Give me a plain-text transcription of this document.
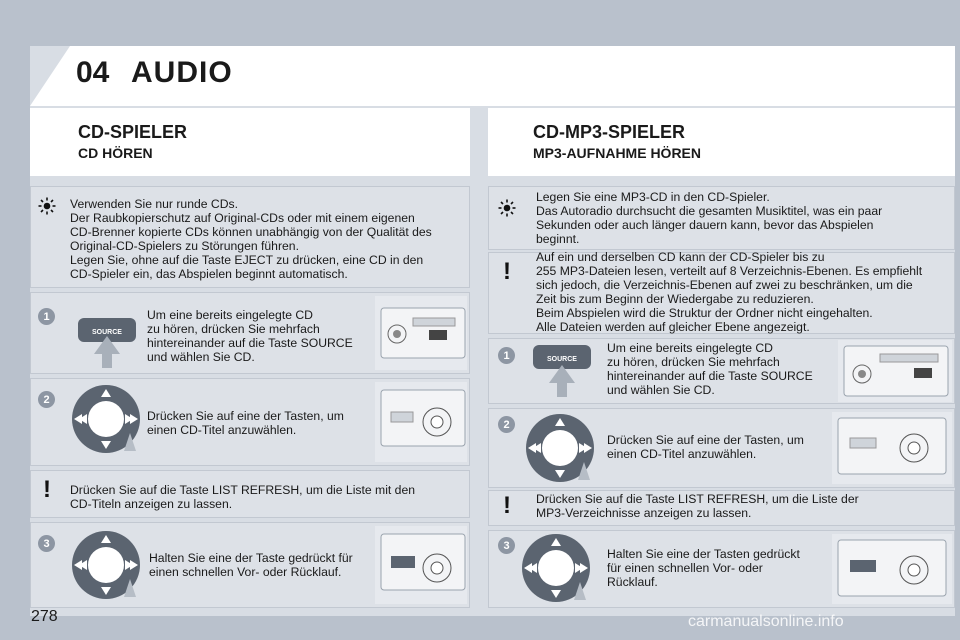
04 AUDIO
CD-SPIELER
CD HÖREN
Verwenden Sie nur runde CDs.
Der Raubkopierschutz auf Original-CDs oder mit einem eigenen
CD-Brenner kopierte CDs können unabhängig von der Qualität des
Original-CD-Spielers zu Störungen führen.
Legen Sie, ohne auf die Taste EJECT zu drücken, eine CD in den
CD-Spieler ein, das Abspielen beginnt automatisch.
1
SOURCE
Um eine bereits eingelegte CD
zu hören, drücken Sie mehrfach
hintereinander auf die Taste SOURCE
und wählen Sie CD.
2
Drücken Sie auf eine der Tasten, um
einen CD-Titel anzuwählen.
! Drücken Sie auf die Taste LIST REFRESH, um die Liste mit den
CD-Titeln anzeigen zu lassen.
3
Halten Sie eine der Taste gedrückt für
einen schnellen Vor- oder Rücklauf.
CD-MP3-SPIELER
MP3-AUFNAHME HÖREN
Legen Sie eine MP3-CD in den CD-Spieler.
Das Autoradio durchsucht die gesamten Musiktitel, was ein paar
Sekunden oder auch länger dauern kann, bevor das Abspielen
beginnt.
!
Auf ein und derselben CD kann der CD-Spieler bis zu
255 MP3-Dateien lesen, verteilt auf 8 Verzeichnis-Ebenen. Es empfiehlt
sich jedoch, die Verzeichnis-Ebenen auf zwei zu beschränken, um die
Zeit bis zum Beginn der Wiedergabe zu reduzieren.
Beim Abspielen wird die Struktur der Ordner nicht eingehalten.
Alle Dateien werden auf gleicher Ebene angezeigt.
1	SOURCE
Um eine bereits eingelegte CD
zu hören, drücken Sie mehrfach
hintereinander auf die Taste SOURCE
und wählen Sie CD.
2
Drücken Sie auf eine der Tasten, um
einen CD-Titel anzuwählen.
! Drücken Sie auf die Taste LIST REFRESH, um die Liste der
MP3-Verzeichnisse anzeigen zu lassen.
3
Halten Sie eine der Tasten gedrückt
für einen schnellen Vor- oder
Rücklauf.
278	carmanualsonline.info
